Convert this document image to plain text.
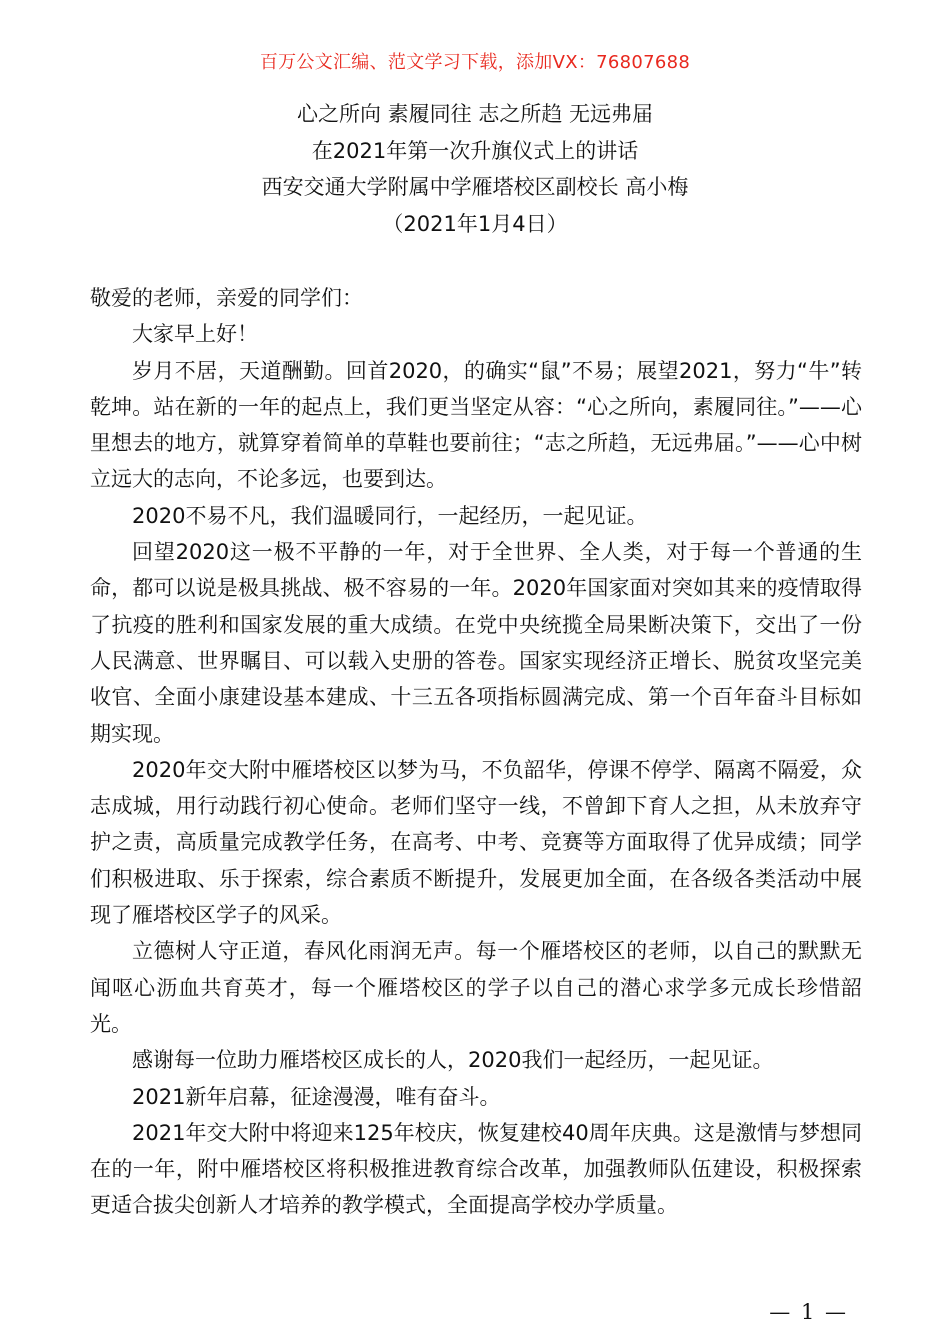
百万公文汇编、范文学习下载，添加VX：76807688
心之所向 素履同往 志之所趋 无远弗届
在2021年第一次升旗仪式上的讲话
西安交通大学附属中学雁塔校区副校长 高小梅
（2021年1月4日）

敬爱的老师，亲爱的同学们：

大家早上好！

岁月不居，天道酬勤。回首2020，的确实“鼠”不易；展望2021，努力“牛”转乾坤。站在新的一年的起点上，我们更当坚定从容：“心之所向，素履同往。”——心里想去的地方，就算穿着简单的草鞋也要前往；“志之所趋，无远弗届。”——心中树立远大的志向，不论多远，也要到达。

2020不易不凡，我们温暖同行，一起经历，一起见证。

回望2020这一极不平静的一年，对于全世界、全人类，对于每一个普通的生命，都可以说是极具挑战、极不容易的一年。2020年国家面对突如其来的疫情取得了抗疫的胜利和国家发展的重大成绩。在党中央统揽全局果断决策下，交出了一份人民满意、世界瞩目、可以载入史册的答卷。国家实现经济正增长、脱贫攻坚完美收官、全面小康建设基本建成、十三五各项指标圆满完成、第一个百年奋斗目标如期实现。

2020年交大附中雁塔校区以梦为马，不负韶华，停课不停学、隔离不隔爱，众志成城，用行动践行初心使命。老师们坚守一线，不曾卸下育人之担，从未放弃守护之责，高质量完成教学任务，在高考、中考、竞赛等方面取得了优异成绩；同学们积极进取、乐于探索，综合素质不断提升，发展更加全面，在各级各类活动中展现了雁塔校区学子的风采。

立德树人守正道，春风化雨润无声。每一个雁塔校区的老师，以自己的默默无闻呕心沥血共育英才，每一个雁塔校区的学子以自己的潜心求学多元成长珍惜韶光。

感谢每一位助力雁塔校区成长的人，2020我们一起经历，一起见证。

2021新年启幕，征途漫漫，唯有奋斗。

2021年交大附中将迎来125年校庆，恢复建校40周年庆典。这是激情与梦想同在的一年，附中雁塔校区将积极推进教育综合改革，加强教师队伍建设，积极探索更适合拔尖创新人才培养的教学模式，全面提高学校办学质量。

— 1 —
